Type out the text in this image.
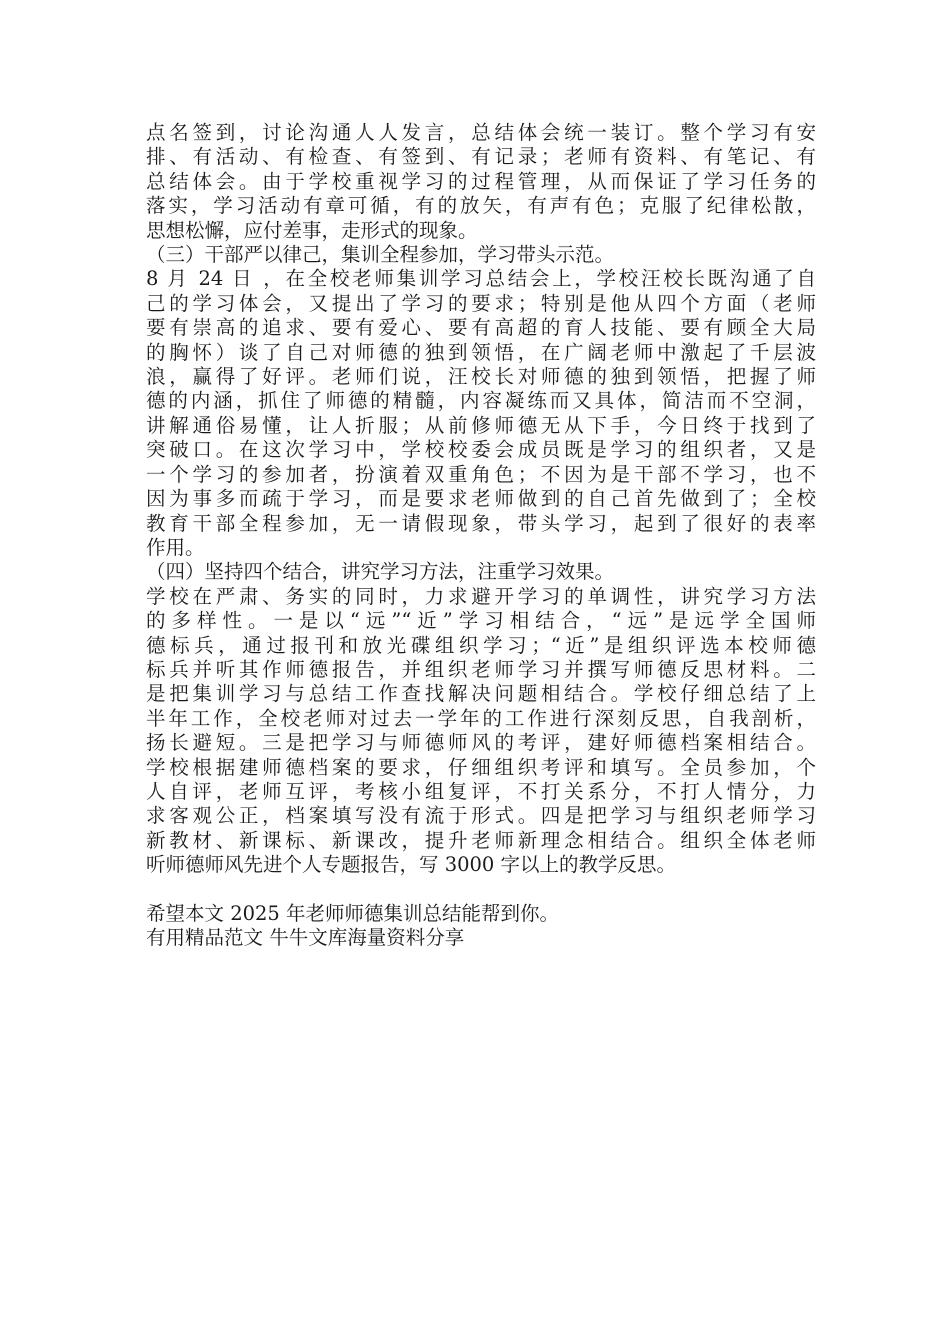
点名签到，讨论沟通人人发言，总结体会统一装订。整个学习有安
排、有活动、有检查、有签到、有记录；老师有资料、有笔记、有
总结体会。由于学校重视学习的过程管理，从而保证了学习任务的
落实，学习活动有章可循，有的放矢，有声有色；克服了纪律松散，
思想松懈，应付差事，走形式的现象。
（三）干部严以律己，集训全程参加，学习带头示范。
8 月 24 日 ，在全校老师集训学习总结会上，学校汪校长既沟通了自
己的学习体会，又提出了学习的要求；特别是他从四个方面（老师
要有崇高的追求、要有爱心、要有高超的育人技能、要有顾全大局
的胸怀）谈了自己对师德的独到领悟，在广阔老师中激起了千层波
浪，赢得了好评。老师们说，汪校长对师德的独到领悟，把握了师
德的内涵，抓住了师德的精髓，内容凝练而又具体，简洁而不空洞，
讲解通俗易懂，让人折服；从前修师德无从下手，今日终于找到了
突破口。在这次学习中，学校校委会成员既是学习的组织者，又是
一个学习的参加者，扮演着双重角色；不因为是干部不学习，也不
因为事多而疏于学习，而是要求老师做到的自己首先做到了；全校
教育干部全程参加，无一请假现象，带头学习，起到了很好的表率
作用。
（四）坚持四个结合，讲究学习方法，注重学习效果。
学校在严肃、务实的同时，力求避开学习的单调性，讲究学习方法
的多样性。一是以“远”“近”学习相结合，“远”是远学全国师
德标兵，通过报刊和放光碟组织学习；“近”是组织评选本校师德
标兵并听其作师德报告，并组织老师学习并撰写师德反思材料。二
是把集训学习与总结工作查找解决问题相结合。学校仔细总结了上
半年工作，全校老师对过去一学年的工作进行深刻反思，自我剖析，
扬长避短。三是把学习与师德师风的考评，建好师德档案相结合。
学校根据建师德档案的要求，仔细组织考评和填写。全员参加，个
人自评，老师互评，考核小组复评，不打关系分，不打人情分，力
求客观公正，档案填写没有流于形式。四是把学习与组织老师学习
新教材、新课标、新课改，提升老师新理念相结合。组织全体老师
听师德师风先进个人专题报告，写 3000 字以上的教学反思。
希望本文 2025 年老师师德集训总结能帮到你。
有用精品范文 牛牛文库海量资料分享
